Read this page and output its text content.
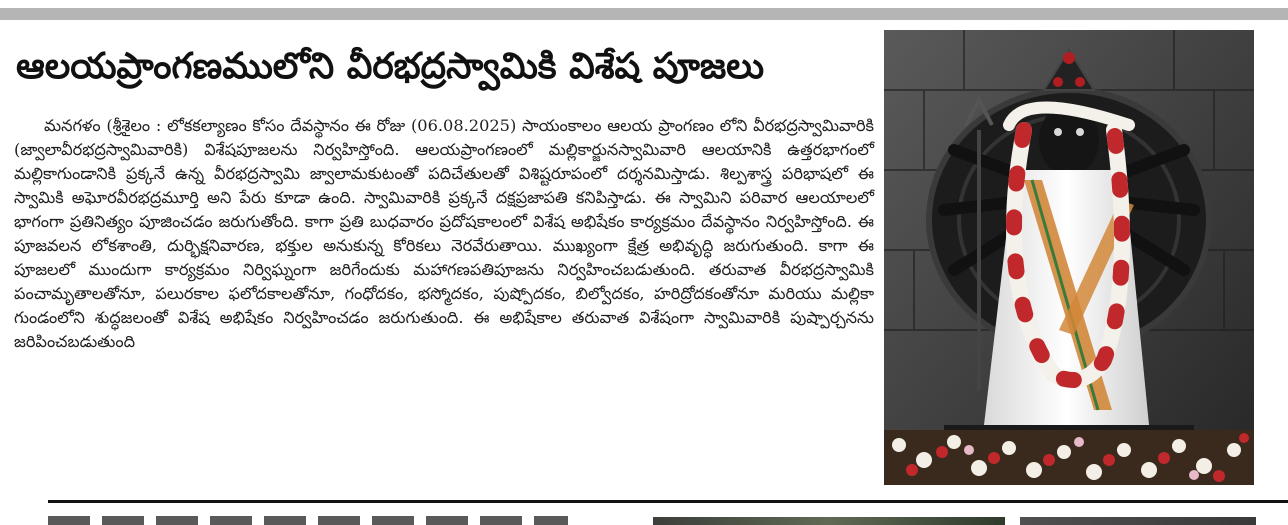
ఆలయప్రాంగణములోని వీరభద్రస్వామికి విశేష పూజలు

మనగళం (శ్రీశైలం : లోకకల్యాణం కోసం దేవస్థానం ఈ రోజు (06.08.2025) సాయంకాలం ఆలయ ప్రాంగణం లోని వీరభద్రస్వామివారికి (జ్వాలావీరభద్రస్వామివారికి) విశేషపూజలను నిర్వహిస్తోంది. ఆలయప్రాంగణంలో మల్లికార్జునస్వామివారి ఆలయానికి ఉత్తరభాగంలో మల్లికాగుండానికి ప్రక్కనే ఉన్న వీరభద్రస్వామి జ్వాలామకుటంతో పదిచేతులతో విశిష్టరూపంలో దర్శనమిస్తాడు. శిల్పశాస్త్ర పరిభాషలో ఈ స్వామికి అఘోరవీరభద్రమూర్తి అని పేరు కూడా ఉంది. స్వామివారికి ప్రక్కనే దక్షప్రజాపతి కనిపిస్తాడు. ఈ స్వామిని పరివార ఆలయాలలో భాగంగా ప్రతినిత్యం పూజించడం జరుగుతోంది. కాగా ప్రతి బుధవారం ప్రదోషకాలంలో విశేష అభిషేకం కార్యక్రమం దేవస్థానం నిర్వహిస్తోంది. ఈ పూజవలన లోకశాంతి, దుర్భిక్షనివారణ, భక్తుల అనుకున్న కోరికలు నెరవేరుతాయి. ముఖ్యంగా క్షేత్ర అభివృద్ధి జరుగుతుంది. కాగా ఈ పూజలలో ముందుగా కార్యక్రమం నిర్విఘ్నంగా జరిగేందుకు మహాగణపతిపూజను నిర్వహించబడుతుంది. తరువాత వీరభద్రస్వామికి పంచామృతాలతోనూ, పలురకాల ఫలోదకాలతోనూ, గంధోదకం, భస్మోదకం, పుష్పోదకం, బిల్వోదకం, హరిద్రోదకంతోనూ మరియు మల్లికా గుండంలోని శుద్ధజలంతో విశేష అభిషేకం నిర్వహించడం జరుగుతుంది. ఈ అభిషేకాల తరువాత విశేషంగా స్వామివారికి పుష్పార్చనను జరిపించబడుతుంది
